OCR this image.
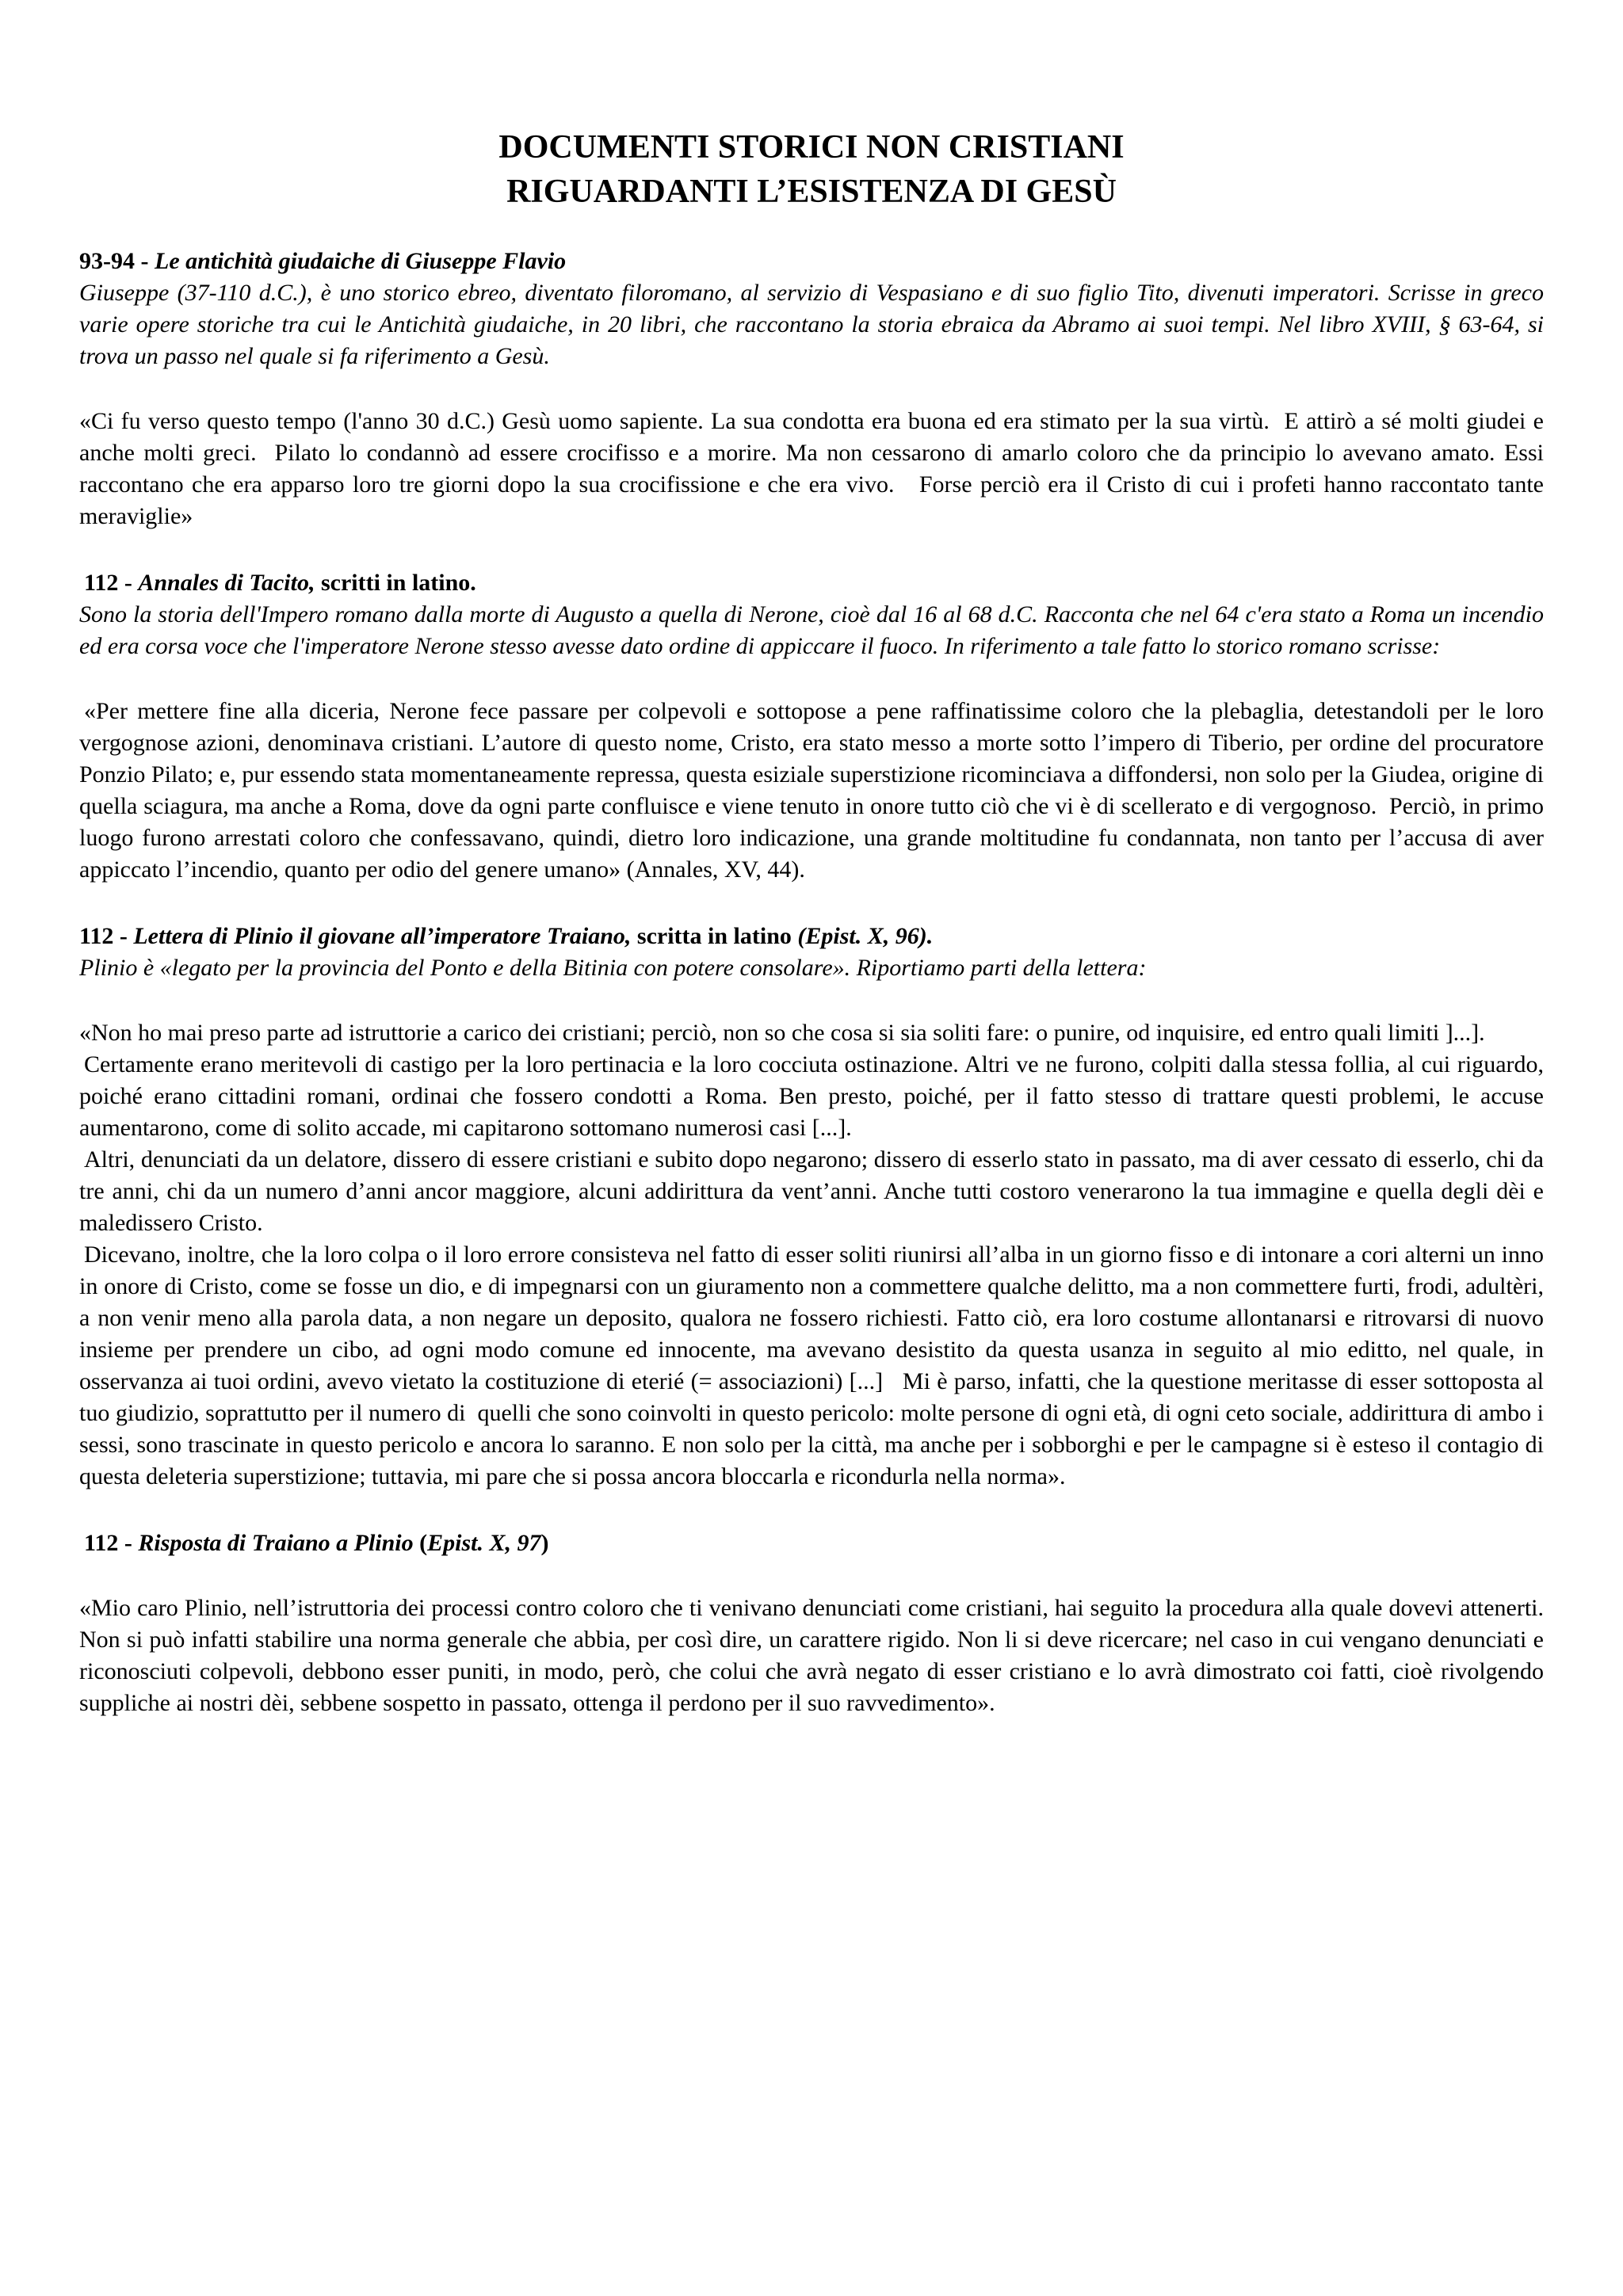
DOCUMENTI STORICI NON CRISTIANI
RIGUARDANTI L’ESISTENZA DI GESÙ

93-94 - Le antichità giudaiche di Giuseppe Flavio

Giuseppe (37-110 d.C.), è uno storico ebreo, diventato filoromano, al servizio di Vespasiano e di suo figlio Tito, divenuti imperatori. Scrisse in greco varie opere storiche tra cui le Antichità giudaiche, in 20 libri, che raccontano la storia ebraica da Abramo ai suoi tempi. Nel libro XVIII, § 63-64, si trova un passo nel quale si fa riferimento a Gesù.

«Ci fu verso questo tempo (l'anno 30 d.C.) Gesù uomo sapiente. La sua condotta era buona ed era stimato per la sua virtù.  E attirò a sé molti giudei e anche molti greci.  Pilato lo condannò ad essere crocifisso e a morire. Ma non cessarono di amarlo coloro che da principio lo avevano amato. Essi raccontano che era apparso loro tre giorni dopo la sua crocifissione e che era vivo.   Forse perciò era il Cristo di cui i profeti hanno raccontato tante meraviglie»

112 - Annales di Tacito, scritti in latino.

Sono la storia dell'Impero romano dalla morte di Augusto a quella di Nerone, cioè dal 16 al 68 d.C. Racconta che nel 64 c'era stato a Roma un incendio ed era corsa voce che l'imperatore Nerone stesso avesse dato ordine di appiccare il fuoco. In riferimento a tale fatto lo storico romano scrisse:

«Per mettere fine alla diceria, Nerone fece passare per colpevoli e sottopose a pene raffinatissime coloro che la plebaglia, detestandoli per le loro vergognose azioni, denominava cristiani. L’autore di questo nome, Cristo, era stato messo a morte sotto l’impero di Tiberio, per ordine del procuratore Ponzio Pilato; e, pur essendo stata momentaneamente repressa, questa esiziale superstizione ricominciava a diffondersi, non solo per la Giudea, origine di quella sciagura, ma anche a Roma, dove da ogni parte confluisce e viene tenuto in onore tutto ciò che vi è di scellerato e di vergognoso.  Perciò, in primo luogo furono arrestati coloro che confessavano, quindi, dietro loro indicazione, una grande moltitudine fu condannata, non tanto per l’accusa di aver appiccato l’incendio, quanto per odio del genere umano» (Annales, XV, 44).

112 - Lettera di Plinio il giovane all’imperatore Traiano, scritta in latino (Epist. X, 96).

Plinio è «legato per la provincia del Ponto e della Bitinia con potere consolare». Riportiamo parti della lettera:

«Non ho mai preso parte ad istruttorie a carico dei cristiani; perciò, non so che cosa si sia soliti fare: o punire, od inquisire, ed entro quali limiti ]...].

Certamente erano meritevoli di castigo per la loro pertinacia e la loro cocciuta ostinazione. Altri ve ne furono, colpiti dalla stessa follia, al cui riguardo, poiché erano cittadini romani, ordinai che fossero condotti a Roma. Ben presto, poiché, per il fatto stesso di trattare questi problemi, le accuse aumentarono, come di solito accade, mi capitarono sottomano numerosi casi [...].

Altri, denunciati da un delatore, dissero di essere cristiani e subito dopo negarono; dissero di esserlo stato in passato, ma di aver cessato di esserlo, chi da tre anni, chi da un numero d’anni ancor maggiore, alcuni addirittura da vent’anni. Anche tutti costoro venerarono la tua immagine e quella degli dèi e maledissero Cristo.

Dicevano, inoltre, che la loro colpa o il loro errore consisteva nel fatto di esser soliti riunirsi all’alba in un giorno fisso e di intonare a cori alterni un inno in onore di Cristo, come se fosse un dio, e di impegnarsi con un giuramento non a commettere qualche delitto, ma a non commettere furti, frodi, adultèri, a non venir meno alla parola data, a non negare un deposito, qualora ne fossero richiesti. Fatto ciò, era loro costume allontanarsi e ritrovarsi di nuovo insieme per prendere un cibo, ad ogni modo comune ed innocente, ma avevano desistito da questa usanza in seguito al mio editto, nel quale, in osservanza ai tuoi ordini, avevo vietato la costituzione di eterié (= associazioni) [...]   Mi è parso, infatti, che la questione meritasse di esser sottoposta al tuo giudizio, soprattutto per il numero di  quelli che sono coinvolti in questo pericolo: molte persone di ogni età, di ogni ceto sociale, addirittura di ambo i sessi, sono trascinate in questo pericolo e ancora lo saranno. E non solo per la città, ma anche per i sobborghi e per le campagne si è esteso il contagio di questa deleteria superstizione; tuttavia, mi pare che si possa ancora bloccarla e ricondurla nella norma».

112 - Risposta di Traiano a Plinio (Epist. X, 97)

«Mio caro Plinio, nell’istruttoria dei processi contro coloro che ti venivano denunciati come cristiani, hai seguito la procedura alla quale dovevi attenerti. Non si può infatti stabilire una norma generale che abbia, per così dire, un carattere rigido. Non li si deve ricercare; nel caso in cui vengano denunciati e riconosciuti colpevoli, debbono esser puniti, in modo, però, che colui che avrà negato di esser cristiano e lo avrà dimostrato coi fatti, cioè rivolgendo suppliche ai nostri dèi, sebbene sospetto in passato, ottenga il perdono per il suo ravvedimento».
